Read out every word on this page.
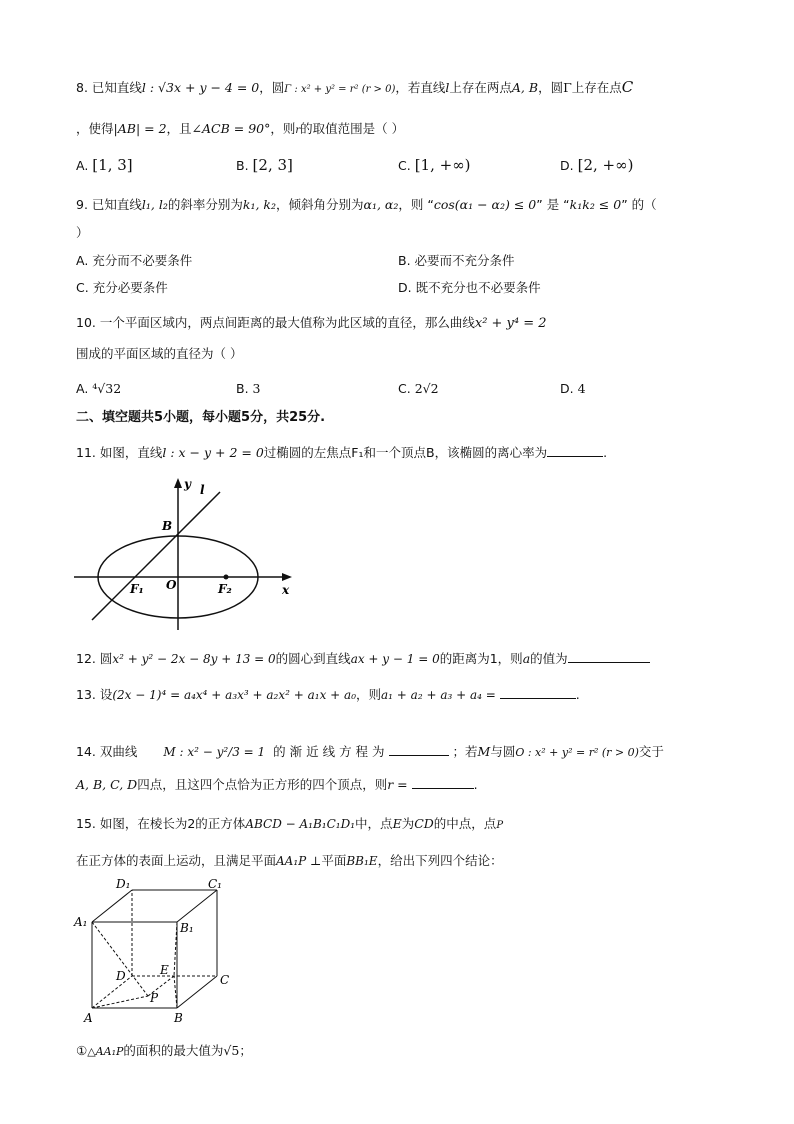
8. 已知直线l : √3x + y − 4 = 0，圆Γ : x² + y² = r² (r > 0)，若直线l上存在两点A, B，圆Γ上存在点C
，使得|AB| = 2，且∠ACB = 90°，则r的取值范围是（ ）
A. [1, 3]	B. [2, 3]	C. [1, +∞)	D. [2, +∞)
9. 已知直线l₁, l₂的斜率分别为k₁, k₂，倾斜角分别为α₁, α₂，则 “cos(α₁ − α₂) ≤ 0” 是 “k₁k₂ ≤ 0” 的（
）
A. 充分而不必要条件	B. 必要而不充分条件
C. 充分必要条件	D. 既不充分也不必要条件
10. 一个平面区域内，两点间距离的最大值称为此区域的直径，那么曲线x² + y⁴ = 2
围成的平面区域的直径为（ ）
A. ⁴√32	B. 3	C. 2√2	D. 4
二、填空题共5小题，每小题5分，共25分.
11. 如图，直线l : x − y + 2 = 0过椭圆的左焦点F₁和一个顶点B，该椭圆的离心率为	.
y l
B
F₁ O	F₂	x
12. 圆x² + y² − 2x − 8y + 13 = 0的圆心到直线ax + y − 1 = 0的距离为1，则a的值为
13. 设(2x − 1)⁴ = a₄x⁴ + a₃x³ + a₂x² + a₁x + a₀，则a₁ + a₂ + a₃ + a₄ =	.
14. 双曲线 M : x² − y²/3 = 1 的 渐 近 线 方 程 为	；若M与圆O : x² + y² = r² (r > 0)交于
A, B, C, D四点，且这四个点恰为正方形的四个顶点，则r =	.
15. 如图，在棱长为2的正方体ABCD − A₁B₁C₁D₁中，点E为CD的中点，点P
在正方体的表面上运动，且满足平面AA₁P ⊥平面BB₁E，给出下列四个结论：
D₁	C₁
A₁	B₁
D	E
C
P
A	B
①△AA₁P的面积的最大值为√5；
